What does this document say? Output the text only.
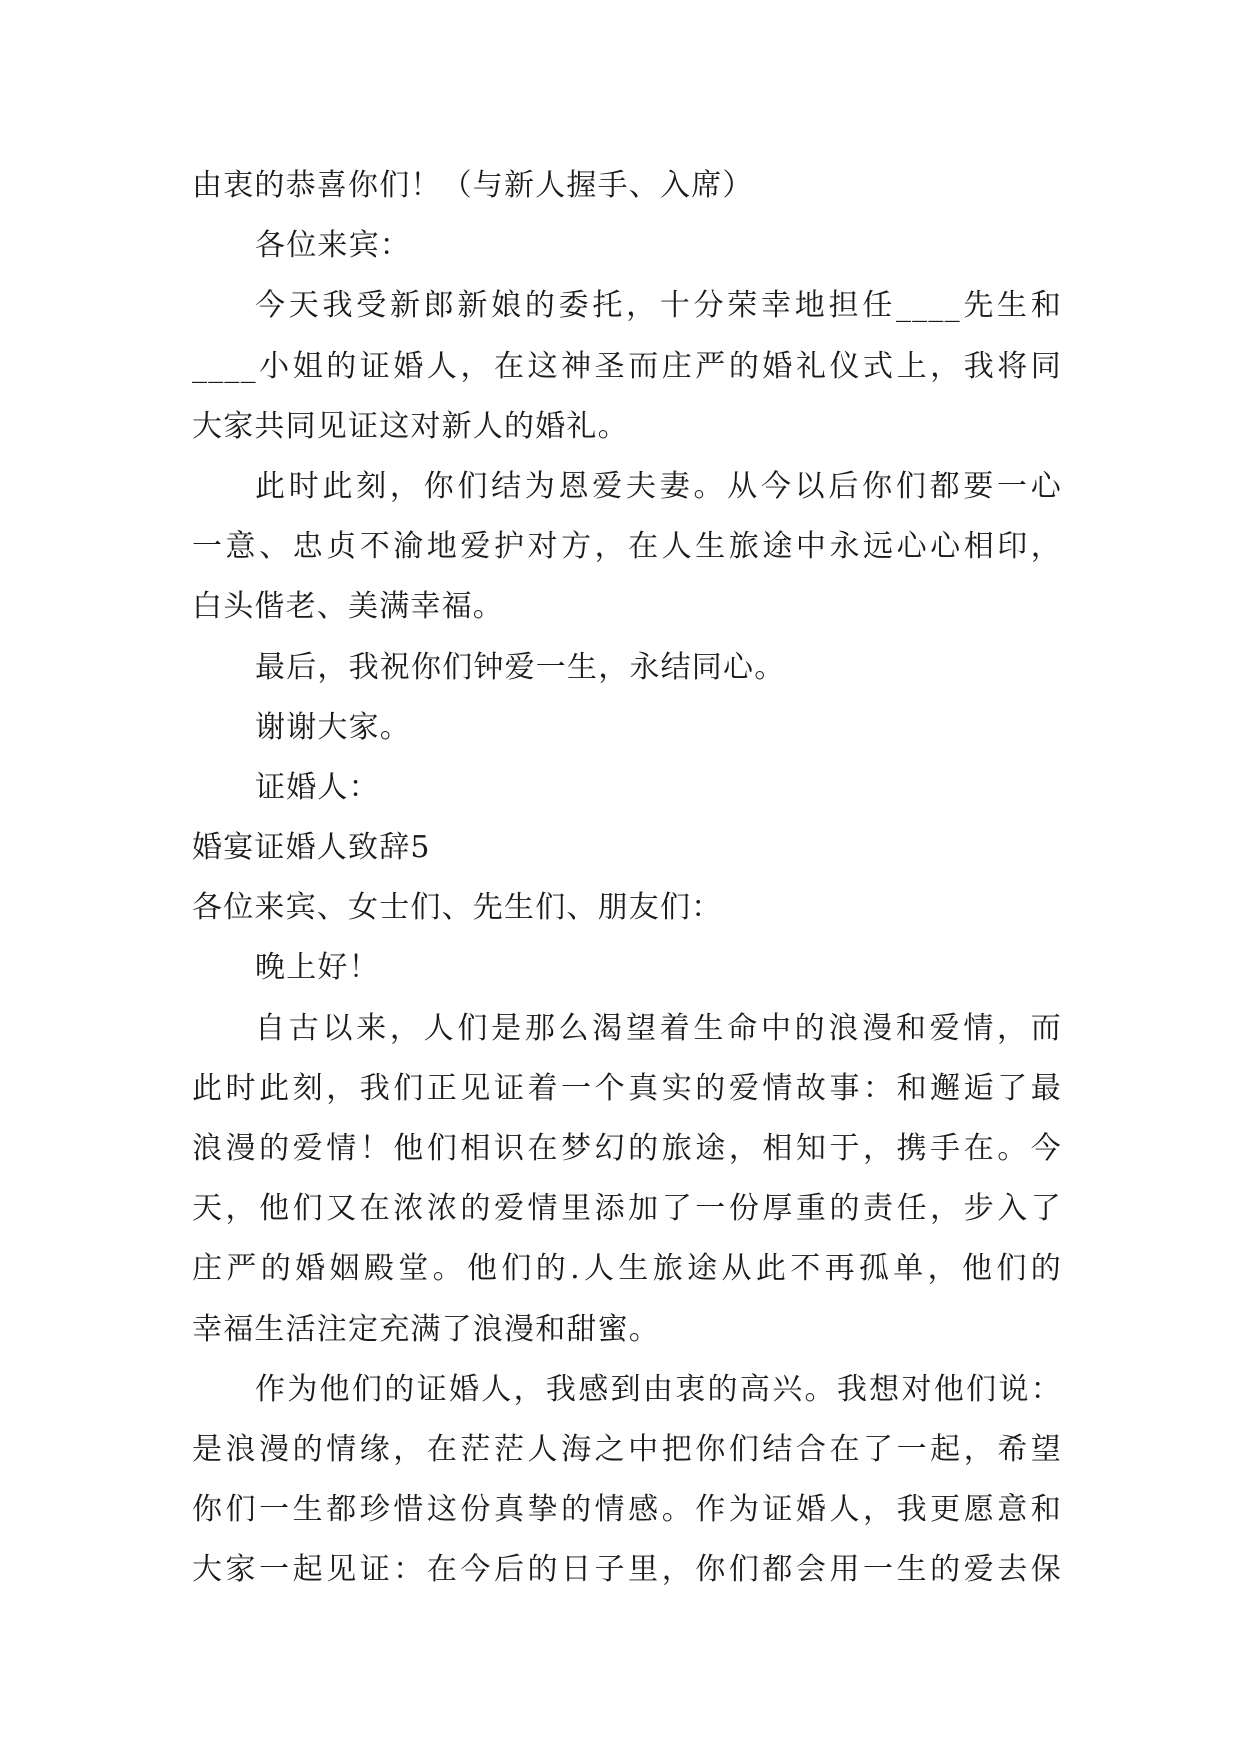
由衷的恭喜你们！（与新人握手、入席）
各位来宾：
今天我受新郎新娘的委托，十分荣幸地担任____先生和
____小姐的证婚人，在这神圣而庄严的婚礼仪式上，我将同
大家共同见证这对新人的婚礼。
此时此刻，你们结为恩爱夫妻。从今以后你们都要一心
一意、忠贞不渝地爱护对方，在人生旅途中永远心心相印，
白头偕老、美满幸福。
最后，我祝你们钟爱一生，永结同心。
谢谢大家。
证婚人：
婚宴证婚人致辞5
各位来宾、女士们、先生们、朋友们：
晚上好！
自古以来，人们是那么渴望着生命中的浪漫和爱情，而
此时此刻，我们正见证着一个真实的爱情故事：和邂逅了最
浪漫的爱情！他们相识在梦幻的旅途，相知于，携手在。今
天，他们又在浓浓的爱情里添加了一份厚重的责任，步入了
庄严的婚姻殿堂。他们的.人生旅途从此不再孤单，他们的
幸福生活注定充满了浪漫和甜蜜。
作为他们的证婚人，我感到由衷的高兴。我想对他们说：
是浪漫的情缘，在茫茫人海之中把你们结合在了一起，希望
你们一生都珍惜这份真挚的情感。作为证婚人，我更愿意和
大家一起见证：在今后的日子里，你们都会用一生的爱去保
